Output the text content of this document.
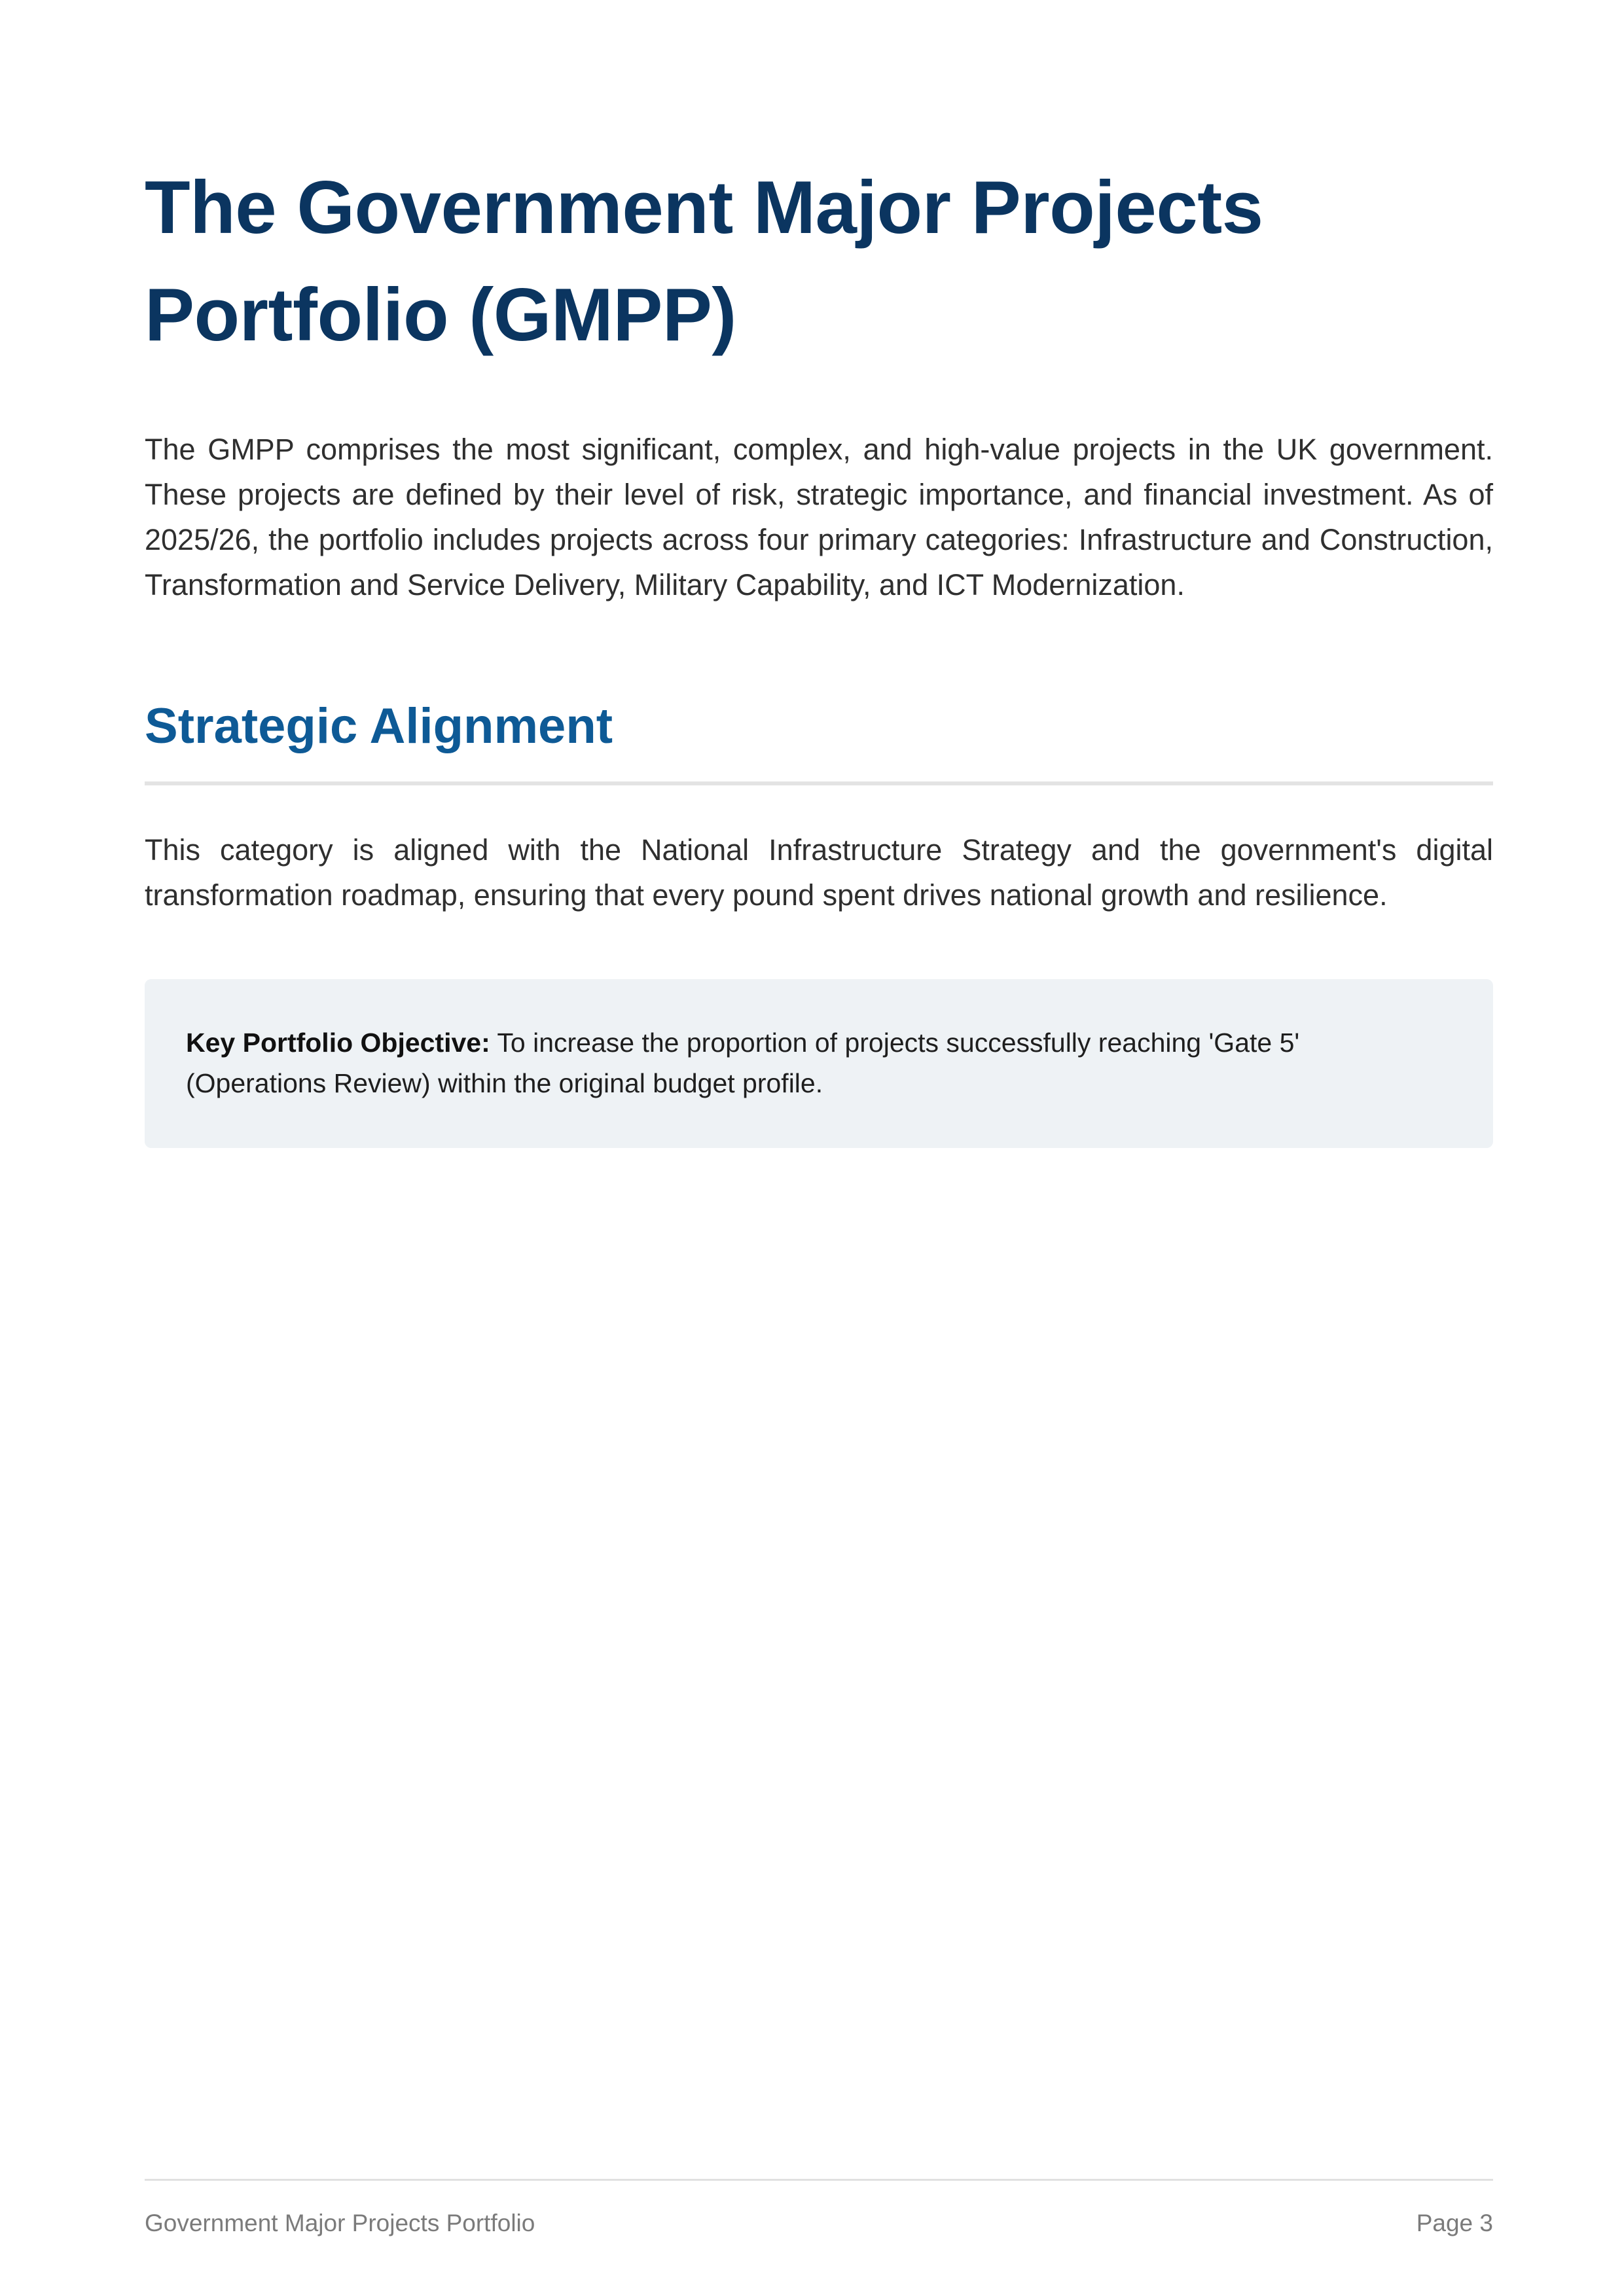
The Government Major Projects Portfolio (GMPP)

The GMPP comprises the most significant, complex, and high-value projects in the UK government. These projects are defined by their level of risk, strategic importance, and financial investment. As of 2025/26, the portfolio includes projects across four primary categories: Infrastructure and Construction, Transformation and Service Delivery, Military Capability, and ICT Modernization.

Strategic Alignment

This category is aligned with the National Infrastructure Strategy and the government's digital transformation roadmap, ensuring that every pound spent drives national growth and resilience.

Key Portfolio Objective: To increase the proportion of projects successfully reaching 'Gate 5' (Operations Review) within the original budget profile.
Government Major Projects Portfolio	Page 3
